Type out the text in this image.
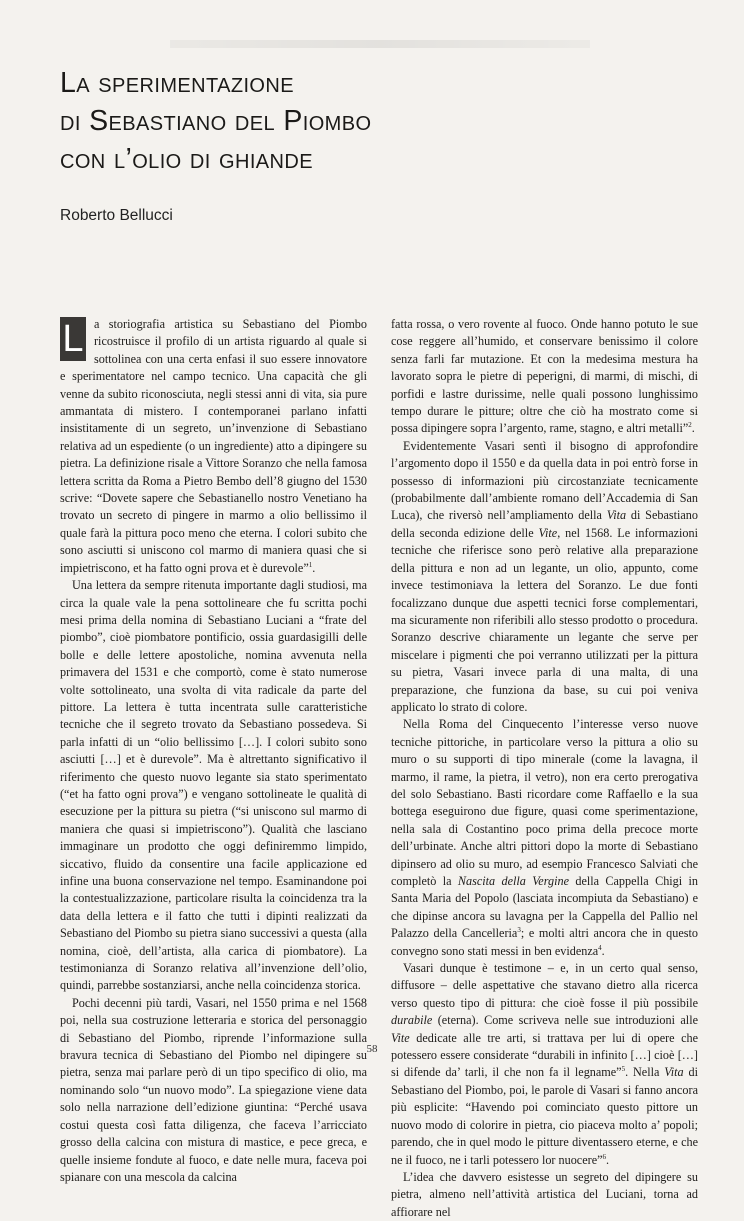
La sperimentazione
di Sebastiano del Piombo
con l’olio di ghiande

Roberto Bellucci

L a storiografia artistica su Sebastiano del Piombo ricostruisce il profilo di un artista riguardo al quale si sottolinea con una certa enfasi il suo essere innovatore e sperimentatore nel campo tecnico. Una capacità che gli venne da subito riconosciuta, negli stessi anni di vita, sia pure ammantata di mistero. I contemporanei parlano infatti insistitamente di un segreto, un’invenzione di Sebastiano relativa ad un espediente (o un ingrediente) atto a dipingere su pietra. La definizione risale a Vittore Soranzo che nella famosa lettera scritta da Roma a Pietro Bembo dell’8 giugno del 1530 scrive: “Dovete sapere che Sebastianello nostro Venetiano ha trovato un secreto di pingere in marmo a olio bellissimo il quale farà la pittura poco meno che eterna. I colori subito che sono asciutti si uniscono col marmo di maniera quasi che si impietriscono, et ha fatto ogni prova et è durevole”$^1$.

Una lettera da sempre ritenuta importante dagli studiosi, ma circa la quale vale la pena sottolineare che fu scritta pochi mesi prima della nomina di Sebastiano Luciani a “frate del piombo”, cioè piombatore pontificio, ossia guardasigilli delle bolle e delle lettere apostoliche, nomina avvenuta nella primavera del 1531 e che comportò, come è stato numerose volte sottolineato, una svolta di vita radicale da parte del pittore. La lettera è tutta incentrata sulle caratteristiche tecniche che il segreto trovato da Sebastiano possedeva. Si parla infatti di un “olio bellissimo […]. I colori subito sono asciutti […] et è durevole”. Ma è altrettanto significativo il riferimento che questo nuovo legante sia stato sperimentato (“et ha fatto ogni prova”) e vengano sottolineate le qualità di esecuzione per la pittura su pietra (“si uniscono sul marmo di maniera che quasi si impietriscono”). Qualità che lasciano immaginare un prodotto che oggi definiremmo limpido, siccativo, fluido da consentire una facile applicazione ed infine una buona conservazione nel tempo. Esaminandone poi la contestualizzazione, particolare risulta la coincidenza tra la data della lettera e il fatto che tutti i dipinti realizzati da Sebastiano del Piombo su pietra siano successivi a questa (alla nomina, cioè, dell’artista, alla carica di piombatore). La testimonianza di Soranzo relativa all’invenzione dell’olio, quindi, parrebbe sostanziarsi, anche nella coincidenza storica.

Pochi decenni più tardi, Vasari, nel 1550 prima e nel 1568 poi, nella sua costruzione letteraria e storica del personaggio di Sebastiano del Piombo, riprende l’informazione sulla bravura tecnica di Sebastiano del Piombo nel dipingere su pietra, senza mai parlare però di un tipo specifico di olio, ma nominando solo “un nuovo modo”. La spiegazione viene data solo nella narrazione dell’edizione giuntina: “Perché usava costui questa così fatta diligenza, che faceva l’arricciato grosso della calcina con mistura di mastice, e pece greca, e quelle insieme fondute al fuoco, e date nelle mura, faceva poi spianare con una mescola da calcina

fatta rossa, o vero rovente al fuoco. Onde hanno potuto le sue cose reggere all’humido, et conservare benissimo il colore senza farli far mutazione. Et con la medesima mestura ha lavorato sopra le pietre di peperigni, di marmi, di mischi, di porfidi e lastre durissime, nelle quali possono lunghissimo tempo durare le pitture; oltre che ciò ha mostrato come si possa dipingere sopra l’argento, rame, stagno, e altri metalli”$^2$.

Evidentemente Vasari sentì il bisogno di approfondire l’argomento dopo il 1550 e da quella data in poi entrò forse in possesso di informazioni più circostanziate tecnicamente (probabilmente dall’ambiente romano dell’Accademia di San Luca), che riversò nell’ampliamento della Vita di Sebastiano della seconda edizione delle Vite, nel 1568. Le informazioni tecniche che riferisce sono però relative alla preparazione della pittura e non ad un legante, un olio, appunto, come invece testimoniava la lettera del Soranzo. Le due fonti focalizzano dunque due aspetti tecnici forse complementari, ma sicuramente non riferibili allo stesso prodotto o procedura. Soranzo descrive chiaramente un legante che serve per miscelare i pigmenti che poi verranno utilizzati per la pittura su pietra, Vasari invece parla di una malta, di una preparazione, che funziona da base, su cui poi veniva applicato lo strato di colore.

Nella Roma del Cinquecento l’interesse verso nuove tecniche pittoriche, in particolare verso la pittura a olio su muro o su supporti di tipo minerale (come la lavagna, il marmo, il rame, la pietra, il vetro), non era certo prerogativa del solo Sebastiano. Basti ricordare come Raffaello e la sua bottega eseguirono due figure, quasi come sperimentazione, nella sala di Costantino poco prima della precoce morte dell’urbinate. Anche altri pittori dopo la morte di Sebastiano dipinsero ad olio su muro, ad esempio Francesco Salviati che completò la Nascita della Vergine della Cappella Chigi in Santa Maria del Popolo (lasciata incompiuta da Sebastiano) e che dipinse ancora su lavagna per la Cappella del Pallio nel Palazzo della Cancelleria$^3$; e molti altri ancora che in questo convegno sono stati messi in ben evidenza$^4$.

Vasari dunque è testimone – e, in un certo qual senso, diffusore – delle aspettative che stavano dietro alla ricerca verso questo tipo di pittura: che cioè fosse il più possibile durabile (eterna). Come scriveva nelle sue introduzioni alle Vite dedicate alle tre arti, si trattava per lui di opere che potessero essere considerate “durabili in infinito […] cioè […] si difende da’ tarli, il che non fa il legname”$^5$. Nella Vita di Sebastiano del Piombo, poi, le parole di Vasari si fanno ancora più esplicite: “Havendo poi cominciato questo pittore un nuovo modo di colorire in pietra, cio piaceva molto a’ popoli; parendo, che in quel modo le pitture diventassero eterne, e che ne il fuoco, ne i tarli potessero lor nuocere”$^6$.

L’idea che davvero esistesse un segreto del dipingere su pietra, almeno nell’attività artistica del Luciani, torna ad affiorare nel

58
